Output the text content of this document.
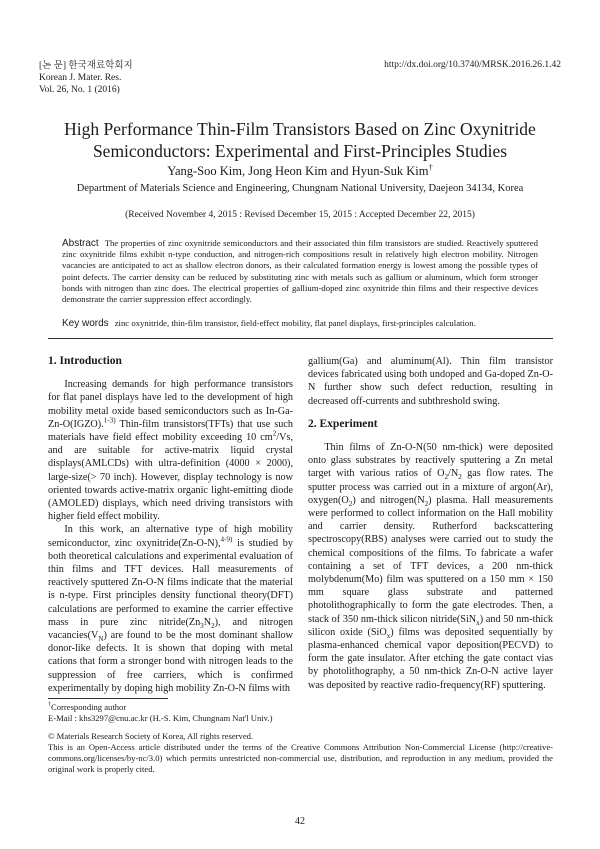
[논 문] 한국재료학회지
Korean J. Mater. Res.
Vol. 26, No. 1 (2016)
http://dx.doi.org/10.3740/MRSK.2016.26.1.42
High Performance Thin-Film Transistors Based on Zinc Oxynitride
Semiconductors: Experimental and First-Principles Studies
Yang-Soo Kim, Jong Heon Kim and Hyun-Suk Kim†
Department of Materials Science and Engineering, Chungnam National University, Daejeon 34134, Korea
(Received November 4, 2015 : Revised December 15, 2015 : Accepted December 22, 2015)
Abstract The properties of zinc oxynitride semiconductors and their associated thin film transistors are studied. Reactively sputtered zinc oxynitride films exhibit n-type conduction, and nitrogen-rich compositions result in relatively high electron mobility. Nitrogen vacancies are anticipated to act as shallow electron donors, as their calculated formation energy is lowest among the possible types of point defects. The carrier density can be reduced by substituting zinc with metals such as gallium or aluminum, which form stronger bonds with nitrogen than zinc does. The electrical properties of gallium-doped zinc oxynitride thin films and their respective devices demonstrate the carrier suppression effect accordingly.
Key words zinc oxynitride, thin-film transistor, field-effect mobility, flat panel displays, first-principles calculation.
1. Introduction

Increasing demands for high performance transistors for flat panel displays have led to the development of high mobility metal oxide based semiconductors such as In-Ga-Zn-O(IGZO).$^{1-3)}$ Thin-film transistors(TFTs) that use such materials have field effect mobility exceeding 10 $cm^2/Vs$, and are suitable for active-matrix liquid crystal displays(AMLCDs) with ultra-definition (4000 × 2000), large-size(> 70 inch). However, display technology is now oriented towards active-matrix organic light-emitting diode (AMOLED) displays, which need driving transistors with higher field effect mobility.

In this work, an alternative type of high mobility semiconductor, zinc oxynitride(Zn-O-N),$^{4-9)}$ is studied by both theoretical calculations and experimental evaluation of thin films and TFT devices. Hall measurements of reactively sputtered Zn-O-N films indicate that the material is n-type. First principles density functional theory(DFT) calculations are performed to examine the carrier effective mass in pure zinc $nitride(Zn_3N_2)$, and nitrogen $vacancies(V_N)$ are found to be the most dominant shallow donor-like defects. It is shown that doping with metal cations that form a stronger bond with nitrogen leads to the suppression of free carriers, which is confirmed experimentally by doping high mobility Zn-O-N films with

gallium(Ga) and aluminum(Al). Thin film transistor devices fabricated using both undoped and Ga-doped Zn-O-N further show such defect reduction, resulting in decreased off-currents and subthreshold swing.

2. Experiment

Thin films of Zn-O-N(50 nm-thick) were deposited onto glass substrates by reactively sputtering a Zn metal target with various ratios of $O_2/N_2$ gas flow rates. The sputter process was carried out in a mixture of argon(Ar), $oxygen(O_2)$ and $nitrogen(N_2)$ plasma. Hall measurements were performed to collect information on the Hall mobility and carrier density. Rutherford backscattering spectroscopy(RBS) analyses were carried out to study the chemical compositions of the films. To fabricate a wafer containing a set of TFT devices, a 200 nm-thick molybdenum(Mo) film was sputtered on a 150 mm × 150 mm square glass substrate and patterned photolithographically to form the gate electrodes. Then, a stack of 350 nm-thick silicon nitride(SiN$_x$) and 50 nm-thick silicon oxide (SiO$_x$) films was deposited sequentially by plasma-enhanced chemical vapor deposition(PECVD) to form the gate insulator. After etching the gate contact vias by photolithography, a 50 nm-thick Zn-O-N active layer was deposited by reactive radio-frequency(RF) sputtering.

†Corresponding author
E-Mail : khs3297@cnu.ac.kr (H.-S. Kim, Chungnam Nat'l Univ.)
© Materials Research Society of Korea, All rights reserved.
This is an Open-Access article distributed under the terms of the Creative Commons Attribution Non-Commercial License (http://creative-commons.org/licenses/by-nc/3.0) which permits unrestricted non-commercial use, distribution, and reproduction in any medium, provided the original work is properly cited.
42
